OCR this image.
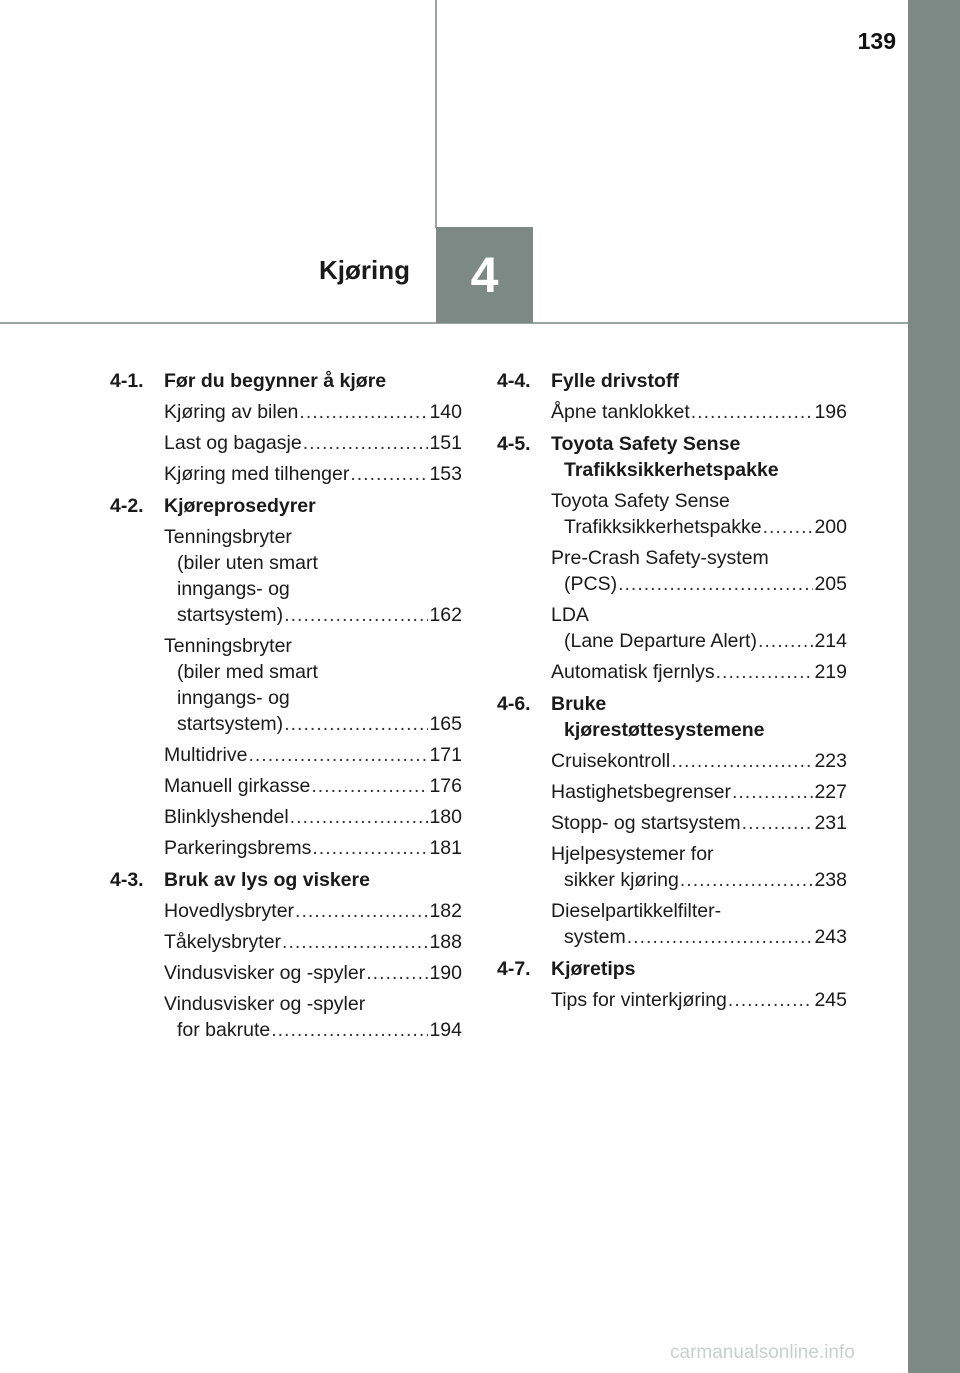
139
4
Kjøring
4-1.	Før du begynner å kjøre
Kjøring av bilen .....	140
Last og bagasje .....	151
Kjøring med tilhenger .....	153
4-2.	Kjøreprosedyrer
Tenningsbryter
(biler uten smart
inngangs- og
startsystem) .....	162
Tenningsbryter
(biler med smart
inngangs- og
startsystem) .....	165
Multidrive .....	171
Manuell girkasse .....	176
Blinklyshendel .....	180
Parkeringsbrems .....	181
4-3.	Bruk av lys og viskere
Hovedlysbryter .....	182
Tåkelysbryter .....	188
Vindusvisker og -spyler .....	190
Vindusvisker og -spyler
for bakrute .....	194
4-4.	Fylle drivstoff
Åpne tanklokket .....	196
4-5.	Toyota Safety Sense
Trafikksikkerhetspakke
Toyota Safety Sense
Trafikksikkerhetspakke .....	200
Pre-Crash Safety-system
(PCS) .....	205
LDA
(Lane Departure Alert) .....	214
Automatisk fjernlys .....	219
4-6.	Bruke
kjørestøttesystemene
Cruisekontroll .....	223
Hastighetsbegrenser .....	227
Stopp- og startsystem .....	231
Hjelpesystemer for
sikker kjøring .....	238
Dieselpartikkelfilter-
system .....	243
4-7.	Kjøretips
Tips for vinterkjøring .....	245
carmanualsonline.info
